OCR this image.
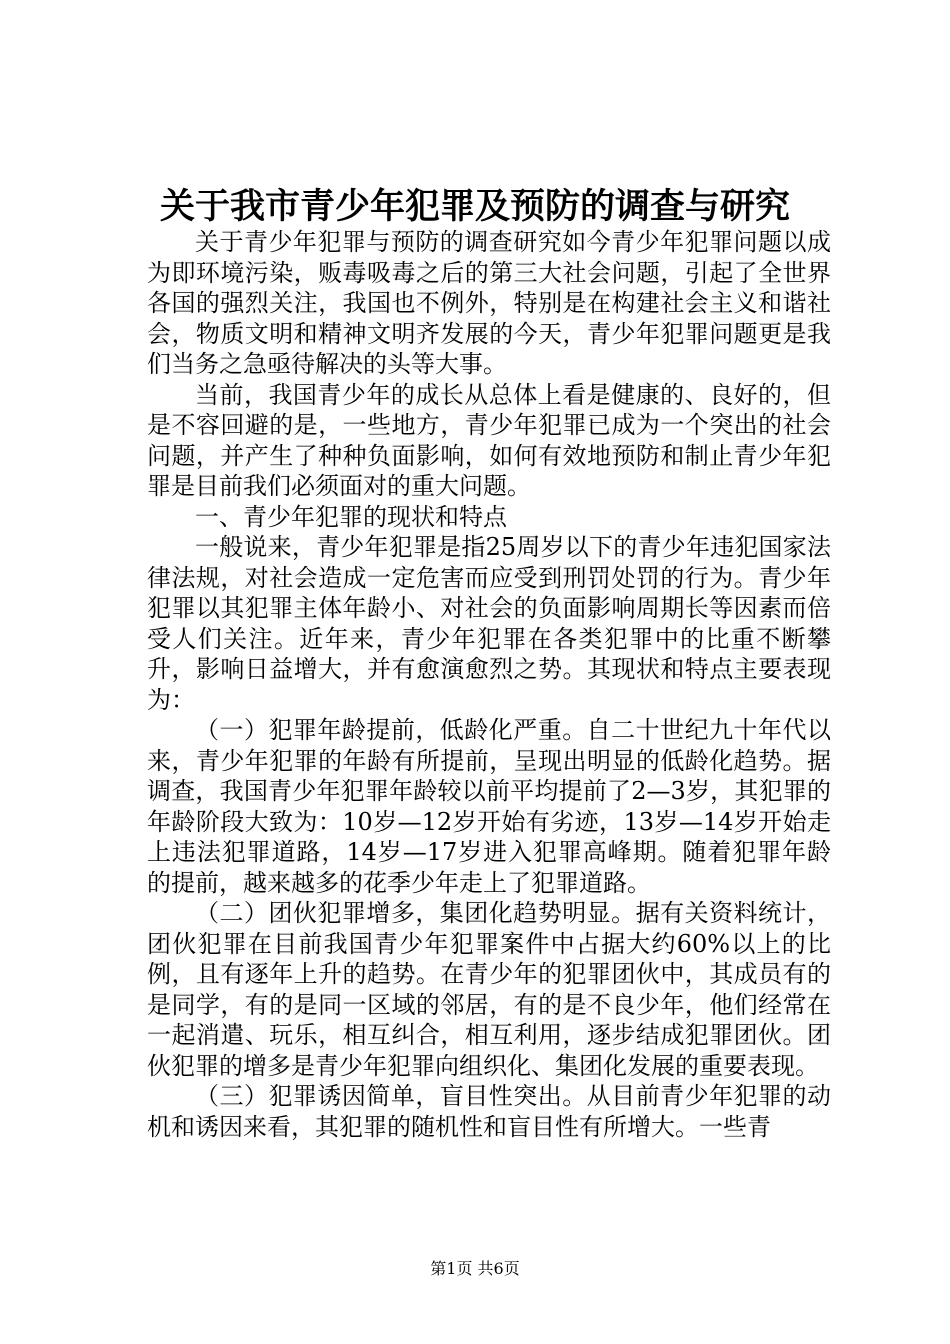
关于我市青少年犯罪及预防的调查与研究

关于青少年犯罪与预防的调查研究如今青少年犯罪问题以成为即环境污染，贩毒吸毒之后的第三大社会问题，引起了全世界各国的强烈关注，我国也不例外，特别是在构建社会主义和谐社会，物质文明和精神文明齐发展的今天，青少年犯罪问题更是我们当务之急亟待解决的头等大事。

当前，我国青少年的成长从总体上看是健康的、良好的，但是不容回避的是，一些地方，青少年犯罪已成为一个突出的社会问题，并产生了种种负面影响，如何有效地预防和制止青少年犯罪是目前我们必须面对的重大问题。

一、青少年犯罪的现状和特点

一般说来，青少年犯罪是指25周岁以下的青少年违犯国家法律法规，对社会造成一定危害而应受到刑罚处罚的行为。青少年犯罪以其犯罪主体年龄小、对社会的负面影响周期长等因素而倍受人们关注。近年来，青少年犯罪在各类犯罪中的比重不断攀升，影响日益增大，并有愈演愈烈之势。其现状和特点主要表现为：

（一）犯罪年龄提前，低龄化严重。自二十世纪九十年代以来，青少年犯罪的年龄有所提前，呈现出明显的低龄化趋势。据调查，我国青少年犯罪年龄较以前平均提前了2—3岁，其犯罪的年龄阶段大致为：10岁—12岁开始有劣迹，13岁—14岁开始走上违法犯罪道路，14岁—17岁进入犯罪高峰期。随着犯罪年龄的提前，越来越多的花季少年走上了犯罪道路。

（二）团伙犯罪增多，集团化趋势明显。据有关资料统计，团伙犯罪在目前我国青少年犯罪案件中占据大约60%以上的比例，且有逐年上升的趋势。在青少年的犯罪团伙中，其成员有的是同学，有的是同一区域的邻居，有的是不良少年，他们经常在一起消遣、玩乐，相互纠合，相互利用，逐步结成犯罪团伙。团伙犯罪的增多是青少年犯罪向组织化、集团化发展的重要表现。

（三）犯罪诱因简单，盲目性突出。从目前青少年犯罪的动机和诱因来看，其犯罪的随机性和盲目性有所增大。一些青

第1页 共6页
